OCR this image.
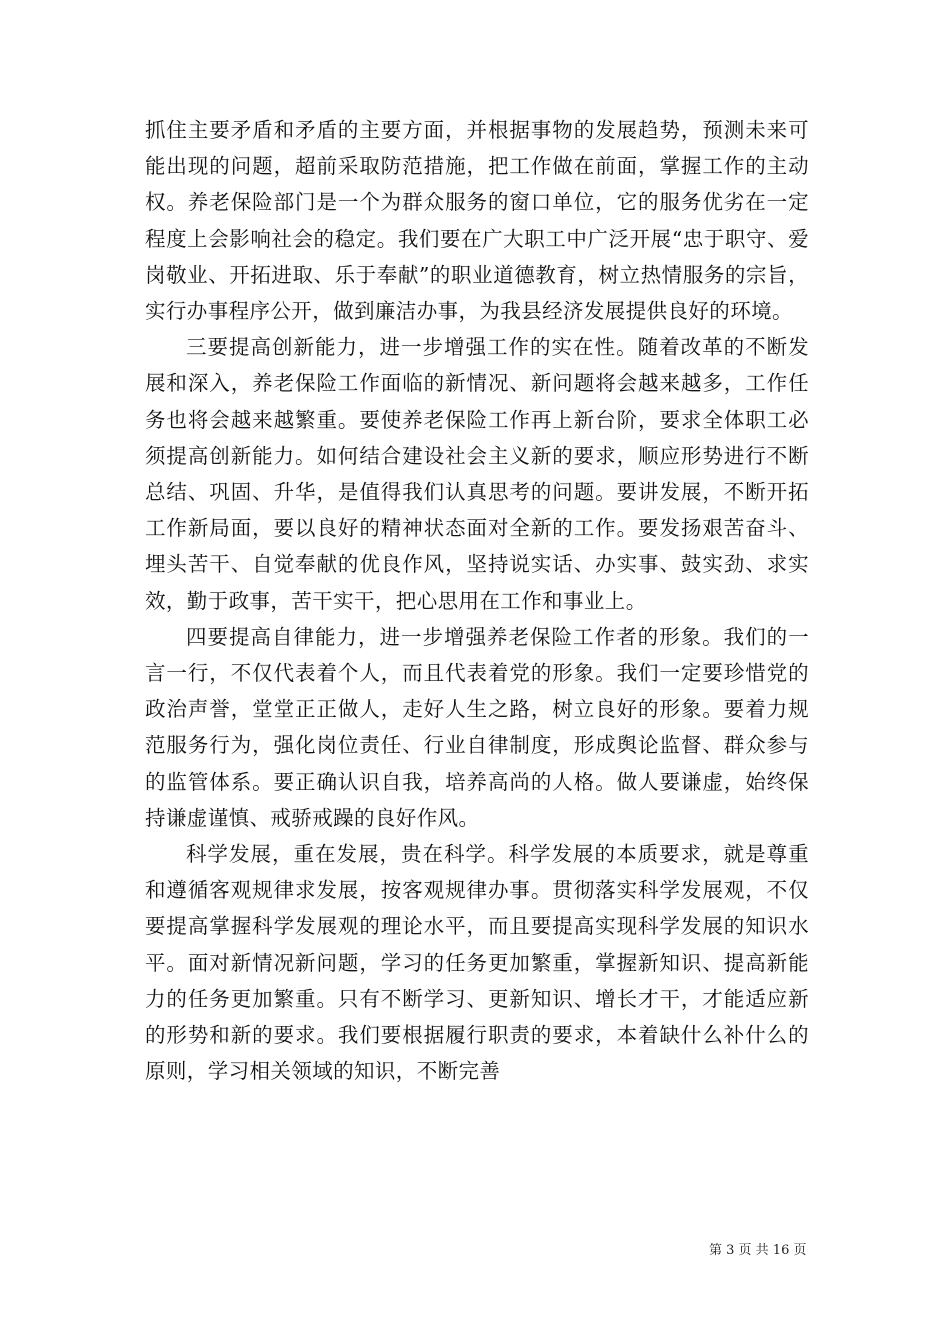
抓住主要矛盾和矛盾的主要方面，并根据事物的发展趋势，预测未来可能出现的问题，超前采取防范措施，把工作做在前面，掌握工作的主动权。养老保险部门是一个为群众服务的窗口单位，它的服务优劣在一定程度上会影响社会的稳定。我们要在广大职工中广泛开展“忠于职守、爱岗敬业、开拓进取、乐于奉献”的职业道德教育，树立热情服务的宗旨，实行办事程序公开，做到廉洁办事，为我县经济发展提供良好的环境。

三要提高创新能力，进一步增强工作的实在性。随着改革的不断发展和深入，养老保险工作面临的新情况、新问题将会越来越多，工作任务也将会越来越繁重。要使养老保险工作再上新台阶，要求全体职工必须提高创新能力。如何结合建设社会主义新的要求，顺应形势进行不断总结、巩固、升华，是值得我们认真思考的问题。要讲发展，不断开拓工作新局面，要以良好的精神状态面对全新的工作。要发扬艰苦奋斗、埋头苦干、自觉奉献的优良作风，坚持说实话、办实事、鼓实劲、求实效，勤于政事，苦干实干，把心思用在工作和事业上。

四要提高自律能力，进一步增强养老保险工作者的形象。我们的一言一行，不仅代表着个人，而且代表着党的形象。我们一定要珍惜党的政治声誉，堂堂正正做人，走好人生之路，树立良好的形象。要着力规范服务行为，强化岗位责任、行业自律制度，形成舆论监督、群众参与的监管体系。要正确认识自我，培养高尚的人格。做人要谦虚，始终保持谦虚谨慎、戒骄戒躁的良好作风。

科学发展，重在发展，贵在科学。科学发展的本质要求，就是尊重和遵循客观规律求发展，按客观规律办事。贯彻落实科学发展观，不仅要提高掌握科学发展观的理论水平，而且要提高实现科学发展的知识水平。面对新情况新问题，学习的任务更加繁重，掌握新知识、提高新能力的任务更加繁重。只有不断学习、更新知识、增长才干，才能适应新的形势和新的要求。我们要根据履行职责的要求，本着缺什么补什么的原则，学习相关领域的知识，不断完善

第 3 页 共 16 页
